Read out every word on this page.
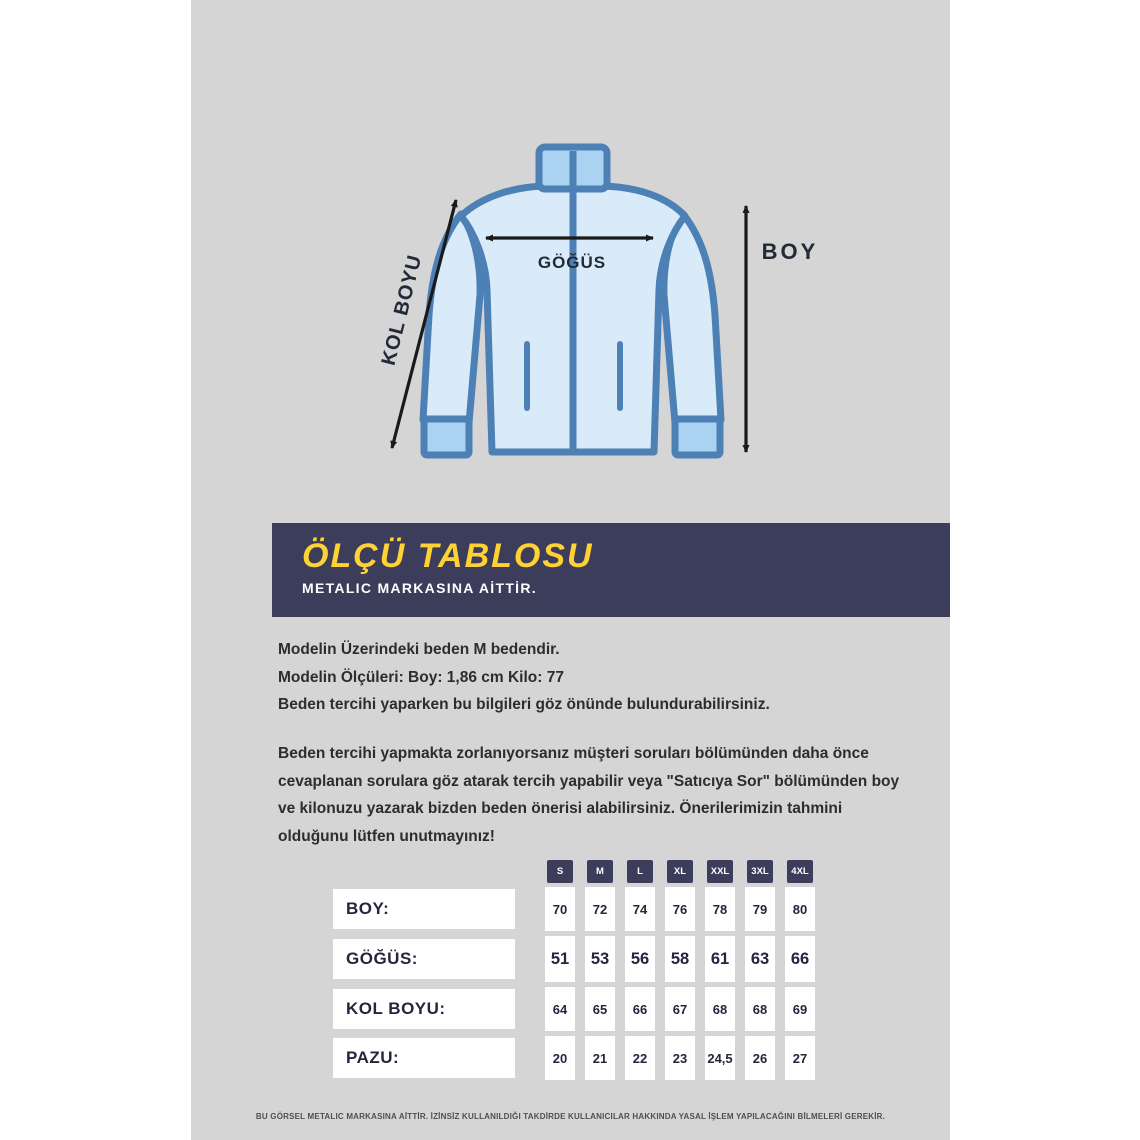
GÖĞÜS	BOY
KOL BOYU
ÖLÇÜ TABLOSU
METALIC MARKASINA AİTTİR.
Modelin Üzerindeki beden M bedendir.
Modelin Ölçüleri: Boy: 1,86 cm Kilo: 77
Beden tercihi yaparken bu bilgileri göz önünde bulundurabilirsiniz.
Beden tercihi yapmakta zorlanıyorsanız müşteri soruları bölümünden daha önce
cevaplanan sorulara göz atarak tercih yapabilir veya "Satıcıya Sor" bölümünden boy
ve kilonuzu yazarak bizden beden önerisi alabilirsiniz. Önerilerimizin tahmini
olduğunu lütfen unutmayınız!
S	M	L	XL	XXL	3XL	4XL
BOY:	70	72	74	76	78	79	80
GÖĞÜS:	51	53	56	58	61	63	66
KOL BOYU:	64	65	66	67	68	68	69
PAZU:	20	21	22	23	24,5	26	27
BU GÖRSEL METALIC MARKASINA AİTTİR. İZİNSİZ KULLANILDIĞI TAKDİRDE KULLANICILAR HAKKINDA YASAL İŞLEM YAPILACAĞINI BİLMELERİ GEREKİR.
